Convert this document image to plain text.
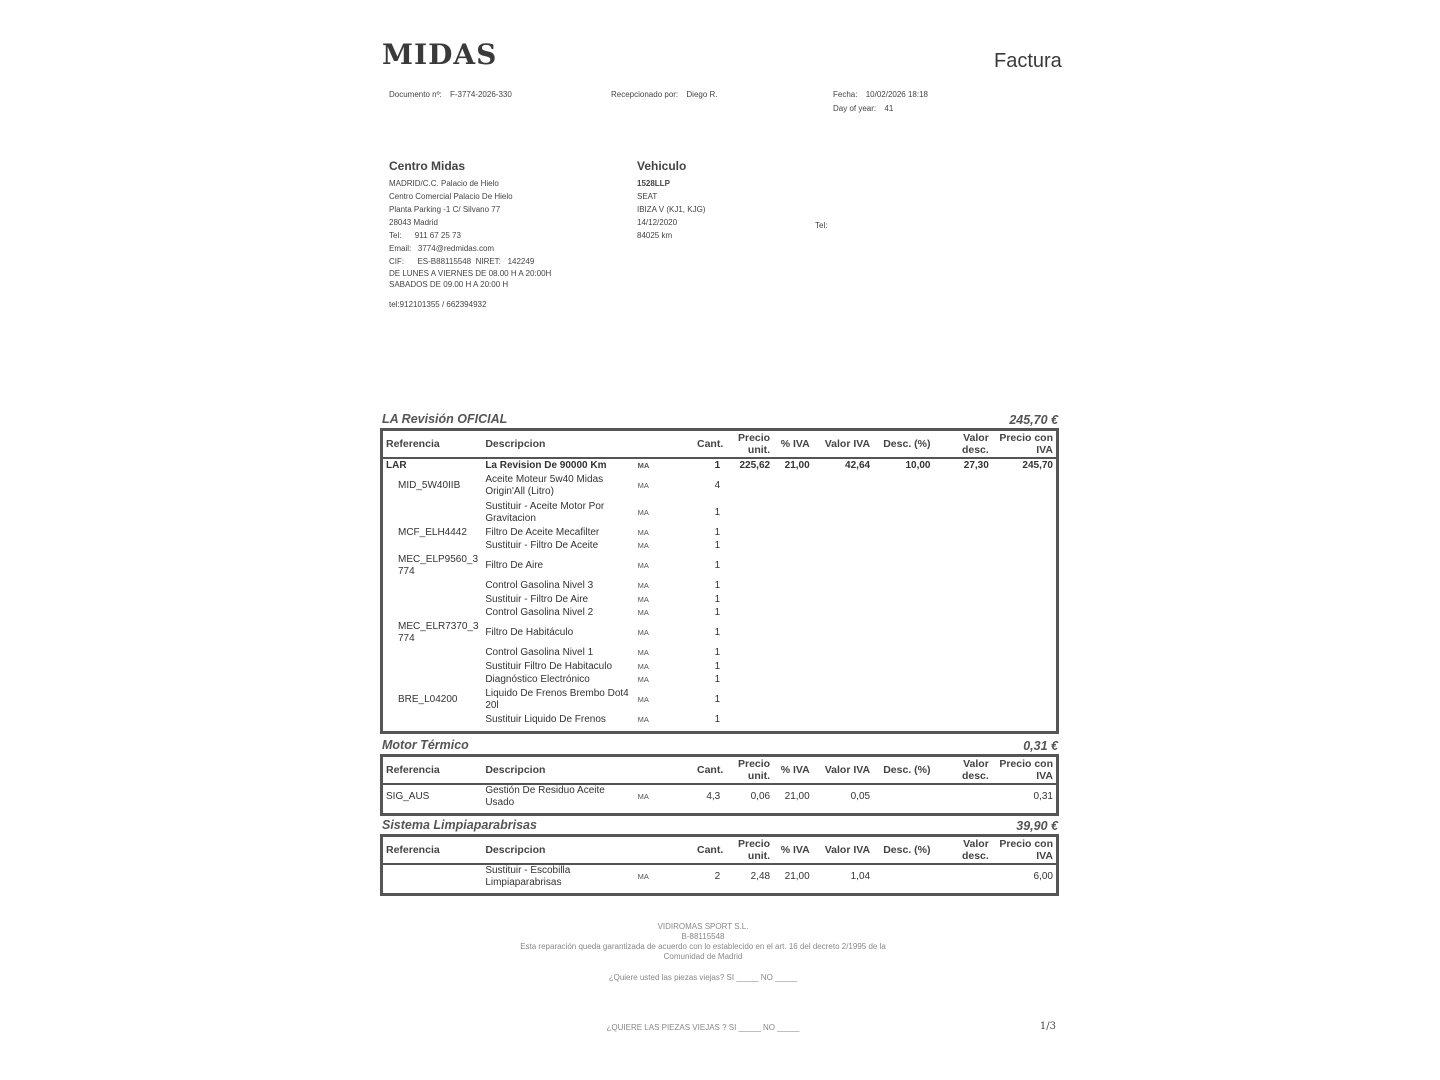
MIDAS	Factura
Documento nº: F-3774-2026-330	Recepcionado por: Diego R.	Fecha: 10/02/2026 18:18
Day of year: 41
Centro Midas
MADRID/C.C. Palacio de Hielo
Centro Comercial Palacio De Hielo
Planta Parking -1 C/ Silvano 77
28043 Madrid
Tel:      911 67 25 73
Email:   3774@redmidas.com
CIF:      ES-B88115548  NIRET:   142249
DE LUNES A VIERNES DE 08.00 H A 20:00H
SABADOS DE 09.00 H A 20:00 H
tel:912101355 / 662394932
Vehiculo
1528LLP
SEAT
IBIZA V (KJ1, KJG)
14/12/2020
84025 km
Tel:
LA Revisión OFICIAL	245,70 €
Referencia	Descripcion		Cant.	Precio unit.	% IVA	Valor IVA	Desc. (%)	Valor desc.	Precio con IVA
LAR	La Revision De 90000 Km	MA	1	225,62	21,00	42,64	10,00	27,30	245,70
MID_5W40IIB	Aceite Moteur 5w40 Midas Origin'All (Litro)	MA	4						
	Sustituir - Aceite Motor Por Gravitacion	MA	1						
MCF_ELH4442	Filtro De Aceite Mecafilter	MA	1						
	Sustituir - Filtro De Aceite	MA	1						
MEC_ELP9560_3 774	Filtro De Aire	MA	1						
	Control Gasolina Nivel 3	MA	1						
	Sustituir - Filtro De Aire	MA	1						
	Control Gasolina Nivel 2	MA	1						
MEC_ELR7370_3 774	Filtro De Habitáculo	MA	1						
	Control Gasolina Nivel 1	MA	1						
	Sustituir Filtro De Habitaculo	MA	1						
	Diagnóstico Electrónico	MA	1						
BRE_L04200	Liquido De Frenos Brembo Dot4 20l	MA	1						
	Sustituir Liquido De Frenos	MA	1						

Motor Térmico	0,31 €
Referencia	Descripcion		Cant.	Precio unit.	% IVA	Valor IVA	Desc. (%)	Valor desc.	Precio con IVA
SIG_AUS	Gestión De Residuo Aceite Usado	MA	4,3	0,06	21,00	0,05			0,31

Sistema Limpiaparabrisas	39,90 €
Referencia	Descripcion		Cant.	Precio unit.	% IVA	Valor IVA	Desc. (%)	Valor desc.	Precio con IVA
	Sustituir - Escobilla Limpiaparabrisas	MA	2	2,48	21,00	1,04			6,00

VIDIROMAS SPORT S.L.
B-88115548
Esta reparación queda garantizada de acuerdo con lo establecido en el art. 16 del decreto 2/1995 de la
Comunidad de Madrid
¿Quiere usted las piezas viejas? SI _____ NO _____
¿QUIERE LAS PIEZAS VIEJAS ? SI _____ NO _____	1/3
